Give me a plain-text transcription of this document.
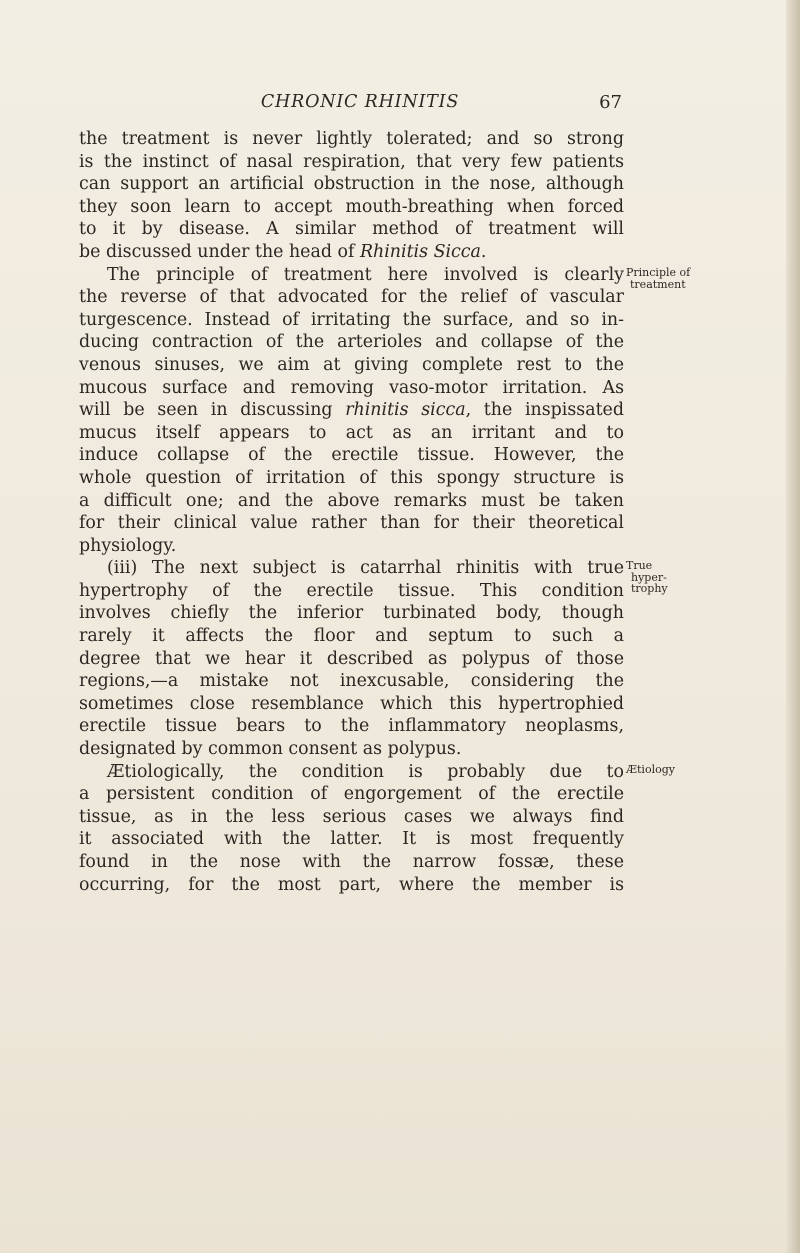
CHRONIC RHINITIS	67
the treatment is never lightly tolerated; and so strong
is the instinct of nasal respiration, that very few patients
can support an artificial obstruction in the nose, although
they soon learn to accept mouth-breathing when forced
to it by disease. A similar method of treatment will
be discussed under the head of Rhinitis Sicca.
The principle of treatment here involved is clearly
the reverse of that advocated for the relief of vascular
turgescence. Instead of irritating the surface, and so in-
ducing contraction of the arterioles and collapse of the
venous sinuses, we aim at giving complete rest to the
mucous surface and removing vaso-motor irritation. As
will be seen in discussing rhinitis sicca, the inspissated
mucus itself appears to act as an irritant and to
induce collapse of the erectile tissue. However, the
whole question of irritation of this spongy structure is
a difficult one; and the above remarks must be taken
for their clinical value rather than for their theoretical
physiology.
(iii) The next subject is catarrhal rhinitis with true
hypertrophy of the erectile tissue. This condition
involves chiefly the inferior turbinated body, though
rarely it affects the floor and septum to such a
degree that we hear it described as polypus of those
regions,—a mistake not inexcusable, considering the
sometimes close resemblance which this hypertrophied
erectile tissue bears to the inflammatory neoplasms,
designated by common consent as polypus.
Ætiologically, the condition is probably due to
a persistent condition of engorgement of the erectile
tissue, as in the less serious cases we always find
it associated with the latter. It is most frequently
found in the nose with the narrow fossæ, these
occurring, for the most part, where the member is
Principle of
treatment
True
hyper-
trophy
Ætiology
